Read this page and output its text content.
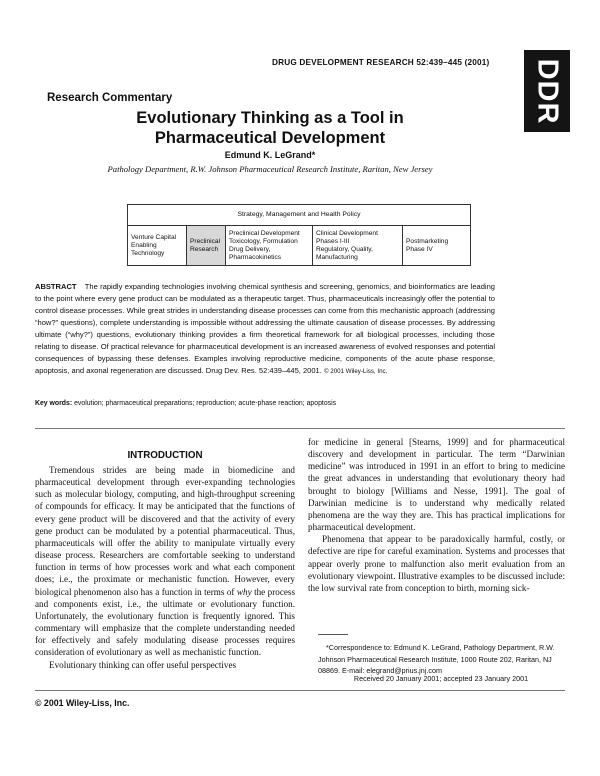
DRUG DEVELOPMENT RESEARCH 52:439–445 (2001) DDR
Research Commentary
Evolutionary Thinking as a Tool in
Pharmaceutical Development
Edmund K. LeGrand*
Pathology Department, R.W. Johnson Pharmaceutical Research Institute, Raritan, New Jersey
Strategy, Management and Health Policy
Venture Capital
Enabling
Technology
Preclinical
Research
Preclinical Development
Toxicology, Formulation
Drug Delivery,
Pharmacokinetics
Clinical Development
Phases I-III
Regulatory, Quality,
Manufacturing
Postmarketing
Phase IV
ABSTRACT The rapidly expanding technologies involving chemical synthesis and screening, genomics, and bioinformatics are leading to the point where every gene product can be modulated as a therapeutic target. Thus, pharmaceuticals increasingly offer the potential to control disease processes. While great strides in understanding disease processes can come from this mechanistic approach (addressing “how?” questions), complete understanding is impossible without addressing the ultimate causation of disease processes. By addressing ultimate (“why?”) questions, evolutionary thinking provides a firm theoretical framework for all biological processes, including those relating to disease. Of practical relevance for pharmaceutical development is an increased awareness of evolved responses and potential consequences of bypassing these defenses. Examples involving reproductive medicine, components of the acute phase response, apoptosis, and axonal regeneration are discussed. Drug Dev. Res. 52:439–445, 2001. © 2001 Wiley-Liss, Inc.
Key words: evolution; pharmaceutical preparations; reproduction; acute-phase reaction; apoptosis
INTRODUCTION

Tremendous strides are being made in biomedicine and pharmaceutical development through ever-expanding technologies such as molecular biology, computing, and high-throughput screening of compounds for efficacy. It may be anticipated that the functions of every gene product will be discovered and that the activity of every gene product can be modulated by a potential pharmaceutical. Thus, pharmaceuticals will offer the ability to manipulate virtually every disease process. Researchers are comfortable seeking to understand function in terms of how processes work and what each component does; i.e., the proximate or mechanistic function. However, every biological phenomenon also has a function in terms of why the process and components exist, i.e., the ultimate or evolutionary function. Unfortunately, the evolutionary function is frequently ignored. This commentary will emphasize that the complete understanding needed for effectively and safely modulating disease processes requires consideration of evolutionary as well as mechanistic function.

Evolutionary thinking can offer useful perspectives

for medicine in general [Stearns, 1999] and for pharmaceutical discovery and development in particular. The term “Darwinian medicine” was introduced in 1991 in an effort to bring to medicine the great advances in understanding that evolutionary theory had brought to biology [Williams and Nesse, 1991]. The goal of Darwinian medicine is to understand why medically related phenomena are the way they are. This has practical implications for pharmaceutical development.

Phenomena that appear to be paradoxically harmful, costly, or defective are ripe for careful examination. Systems and processes that appear overly prone to malfunction also merit evaluation from an evolutionary viewpoint. Illustrative examples to be discussed include: the low survival rate from conception to birth, morning sick-

*Correspondence to: Edmund K. LeGrand, Pathology Department, R.W. Johnson Pharmaceutical Research Institute, 1000 Route 202, Raritan, NJ 08869. E-mail: elegrand@prius.jnj.com
Received 20 January 2001; accepted 23 January 2001
© 2001 Wiley-Liss, Inc.
